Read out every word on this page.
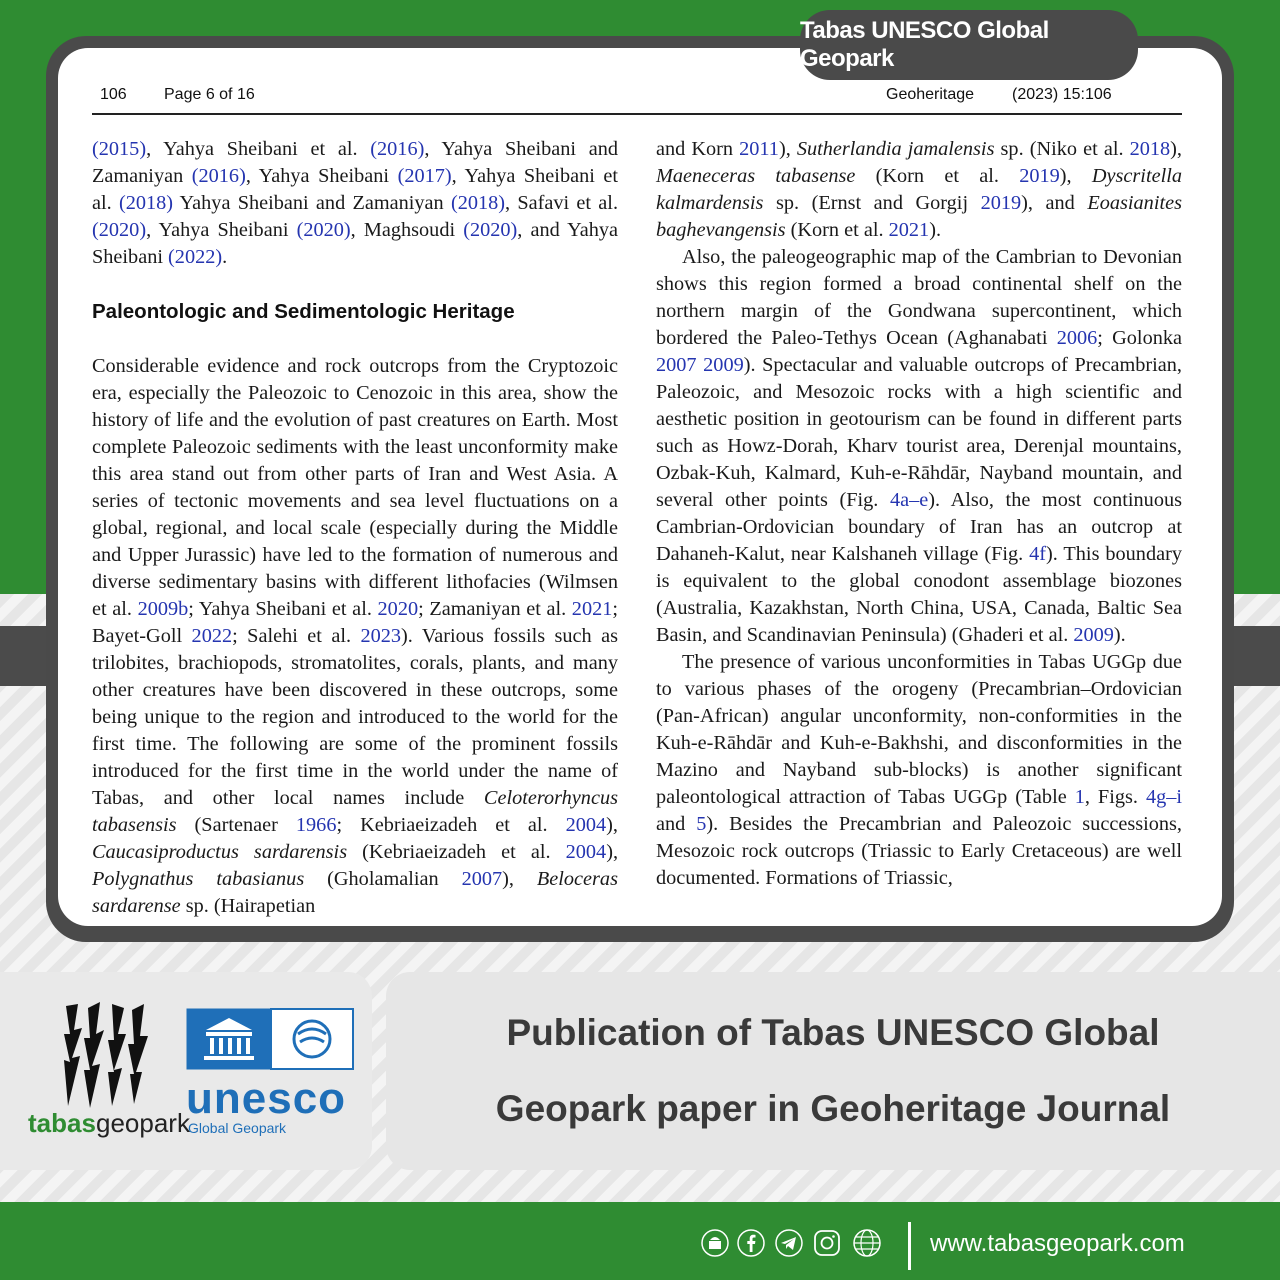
Tabas UNESCO Global Geopark
106 Page 6 of 16	Geoheritage (2023) 15:106

(2015), Yahya Sheibani et al. (2016), Yahya Sheibani and Zamaniyan (2016), Yahya Sheibani (2017), Yahya Sheibani et al. (2018) Yahya Sheibani and Zamaniyan (2018), Safavi et al. (2020), Yahya Sheibani (2020), Maghsoudi (2020), and Yahya Sheibani (2022).

Paleontologic and Sedimentologic Heritage

Considerable evidence and rock outcrops from the Cryptozoic era, especially the Paleozoic to Cenozoic in this area, show the history of life and the evolution of past creatures on Earth. Most complete Paleozoic sediments with the least unconformity make this area stand out from other parts of Iran and West Asia. A series of tectonic movements and sea level fluctuations on a global, regional, and local scale (especially during the Middle and Upper Jurassic) have led to the formation of numerous and diverse sedimentary basins with different lithofacies (Wilmsen et al. 2009b; Yahya Sheibani et al. 2020; Zamaniyan et al. 2021; Bayet-Goll 2022; Salehi et al. 2023). Various fossils such as trilobites, brachiopods, stromatolites, corals, plants, and many other creatures have been discovered in these outcrops, some being unique to the region and introduced to the world for the first time. The following are some of the prominent fossils introduced for the first time in the world under the name of Tabas, and other local names include Celoterorhyncus tabasensis (Sartenaer 1966; Kebriaeizadeh et al. 2004), Caucasiproductus sardarensis (Kebriaeizadeh et al. 2004), Polygnathus tabasianus (Gholamalian 2007), Beloceras sardarense sp. (Hairapetian

and Korn 2011), Sutherlandia jamalensis sp. (Niko et al. 2018), Maeneceras tabasense (Korn et al. 2019), Dyscritella kalmardensis sp. (Ernst and Gorgij 2019), and Eoasianites baghevangensis (Korn et al. 2021).

Also, the paleogeographic map of the Cambrian to Devonian shows this region formed a broad continental shelf on the northern margin of the Gondwana supercontinent, which bordered the Paleo-Tethys Ocean (Aghanabati 2006; Golonka 2007 2009). Spectacular and valuable outcrops of Precambrian, Paleozoic, and Mesozoic rocks with a high scientific and aesthetic position in geotourism can be found in different parts such as Howz-Dorah, Kharv tourist area, Derenjal mountains, Ozbak-Kuh, Kalmard, Kuh-e-Rāhdār, Nayband mountain, and several other points (Fig. 4a–e). Also, the most continuous Cambrian-Ordovician boundary of Iran has an outcrop at Dahaneh-Kalut, near Kalshaneh village (Fig. 4f). This boundary is equivalent to the global conodont assemblage biozones (Australia, Kazakhstan, North China, USA, Canada, Baltic Sea Basin, and Scandinavian Peninsula) (Ghaderi et al. 2009).

The presence of various unconformities in Tabas UGGp due to various phases of the orogeny (Precambrian–Ordovician (Pan-African) angular unconformity, non-conformities in the Kuh-e-Rāhdār and Kuh-e-Bakhshi, and disconformities in the Mazino and Nayband sub-blocks) is another significant paleontological attraction of Tabas UGGp (Table 1, Figs. 4g–i and 5). Besides the Precambrian and Paleozoic successions, Mesozoic rock outcrops (Triassic to Early Cretaceous) are well documented. Formations of Triassic,

tabas geopark
unesco
Global Geopark
Publication of Tabas UNESCO Global
Geopark paper in Geoheritage Journal
www.tabasgeopark.com
